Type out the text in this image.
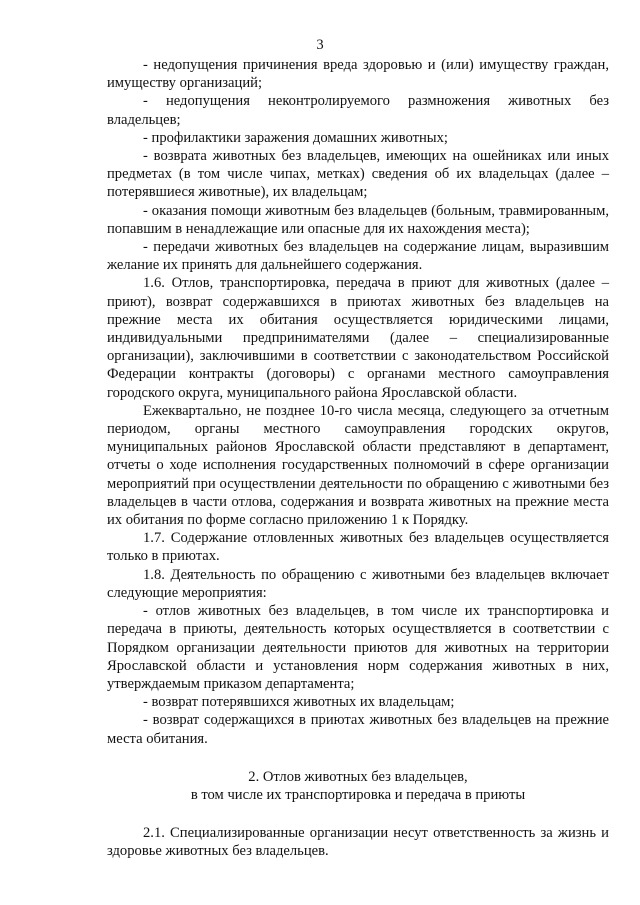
3

- недопущения причинения вреда здоровью и (или) имуществу граждан, имуществу организаций;

- недопущения неконтролируемого размножения животных без владельцев;

- профилактики заражения домашних животных;

- возврата животных без владельцев, имеющих на ошейниках или иных предметах (в том числе чипах, метках) сведения об их владельцах (далее – потерявшиеся животные), их владельцам;

- оказания помощи животным без владельцев (больным, травмированным, попавшим в ненадлежащие или опасные для их нахождения места);

- передачи животных без владельцев на содержание лицам, выразившим желание их принять для дальнейшего содержания.

1.6. Отлов, транспортировка, передача в приют для животных (далее – приют), возврат содержавшихся в приютах животных без владельцев на прежние места их обитания осуществляется юридическими лицами, индивидуальными предпринимателями (далее – специализированные организации), заключившими в соответствии с законодательством Российской Федерации контракты (договоры) с органами местного самоуправления городского округа, муниципального района Ярославской области.

Ежеквартально, не позднее 10-го числа месяца, следующего за отчетным периодом, органы местного самоуправления городских округов, муниципальных районов Ярославской области представляют в департамент, отчеты о ходе исполнения государственных полномочий в сфере организации мероприятий при осуществлении деятельности по обращению с животными без владельцев в части отлова, содержания и возврата животных на прежние места их обитания по форме согласно приложению 1 к Порядку.

1.7. Содержание отловленных животных без владельцев осуществляется только в приютах.

1.8. Деятельность по обращению с животными без владельцев включает следующие мероприятия:

- отлов животных без владельцев, в том числе их транспортировка и передача в приюты, деятельность которых осуществляется в соответствии с Порядком организации деятельности приютов для животных на территории Ярославской области и установления норм содержания животных в них, утверждаемым приказом департамента;

- возврат потерявшихся животных их владельцам;

- возврат содержащихся в приютах животных без владельцев на прежние места обитания.

2. Отлов животных без владельцев,
в том числе их транспортировка и передача в приюты

2.1. Специализированные организации несут ответственность за жизнь и здоровье животных без владельцев.
